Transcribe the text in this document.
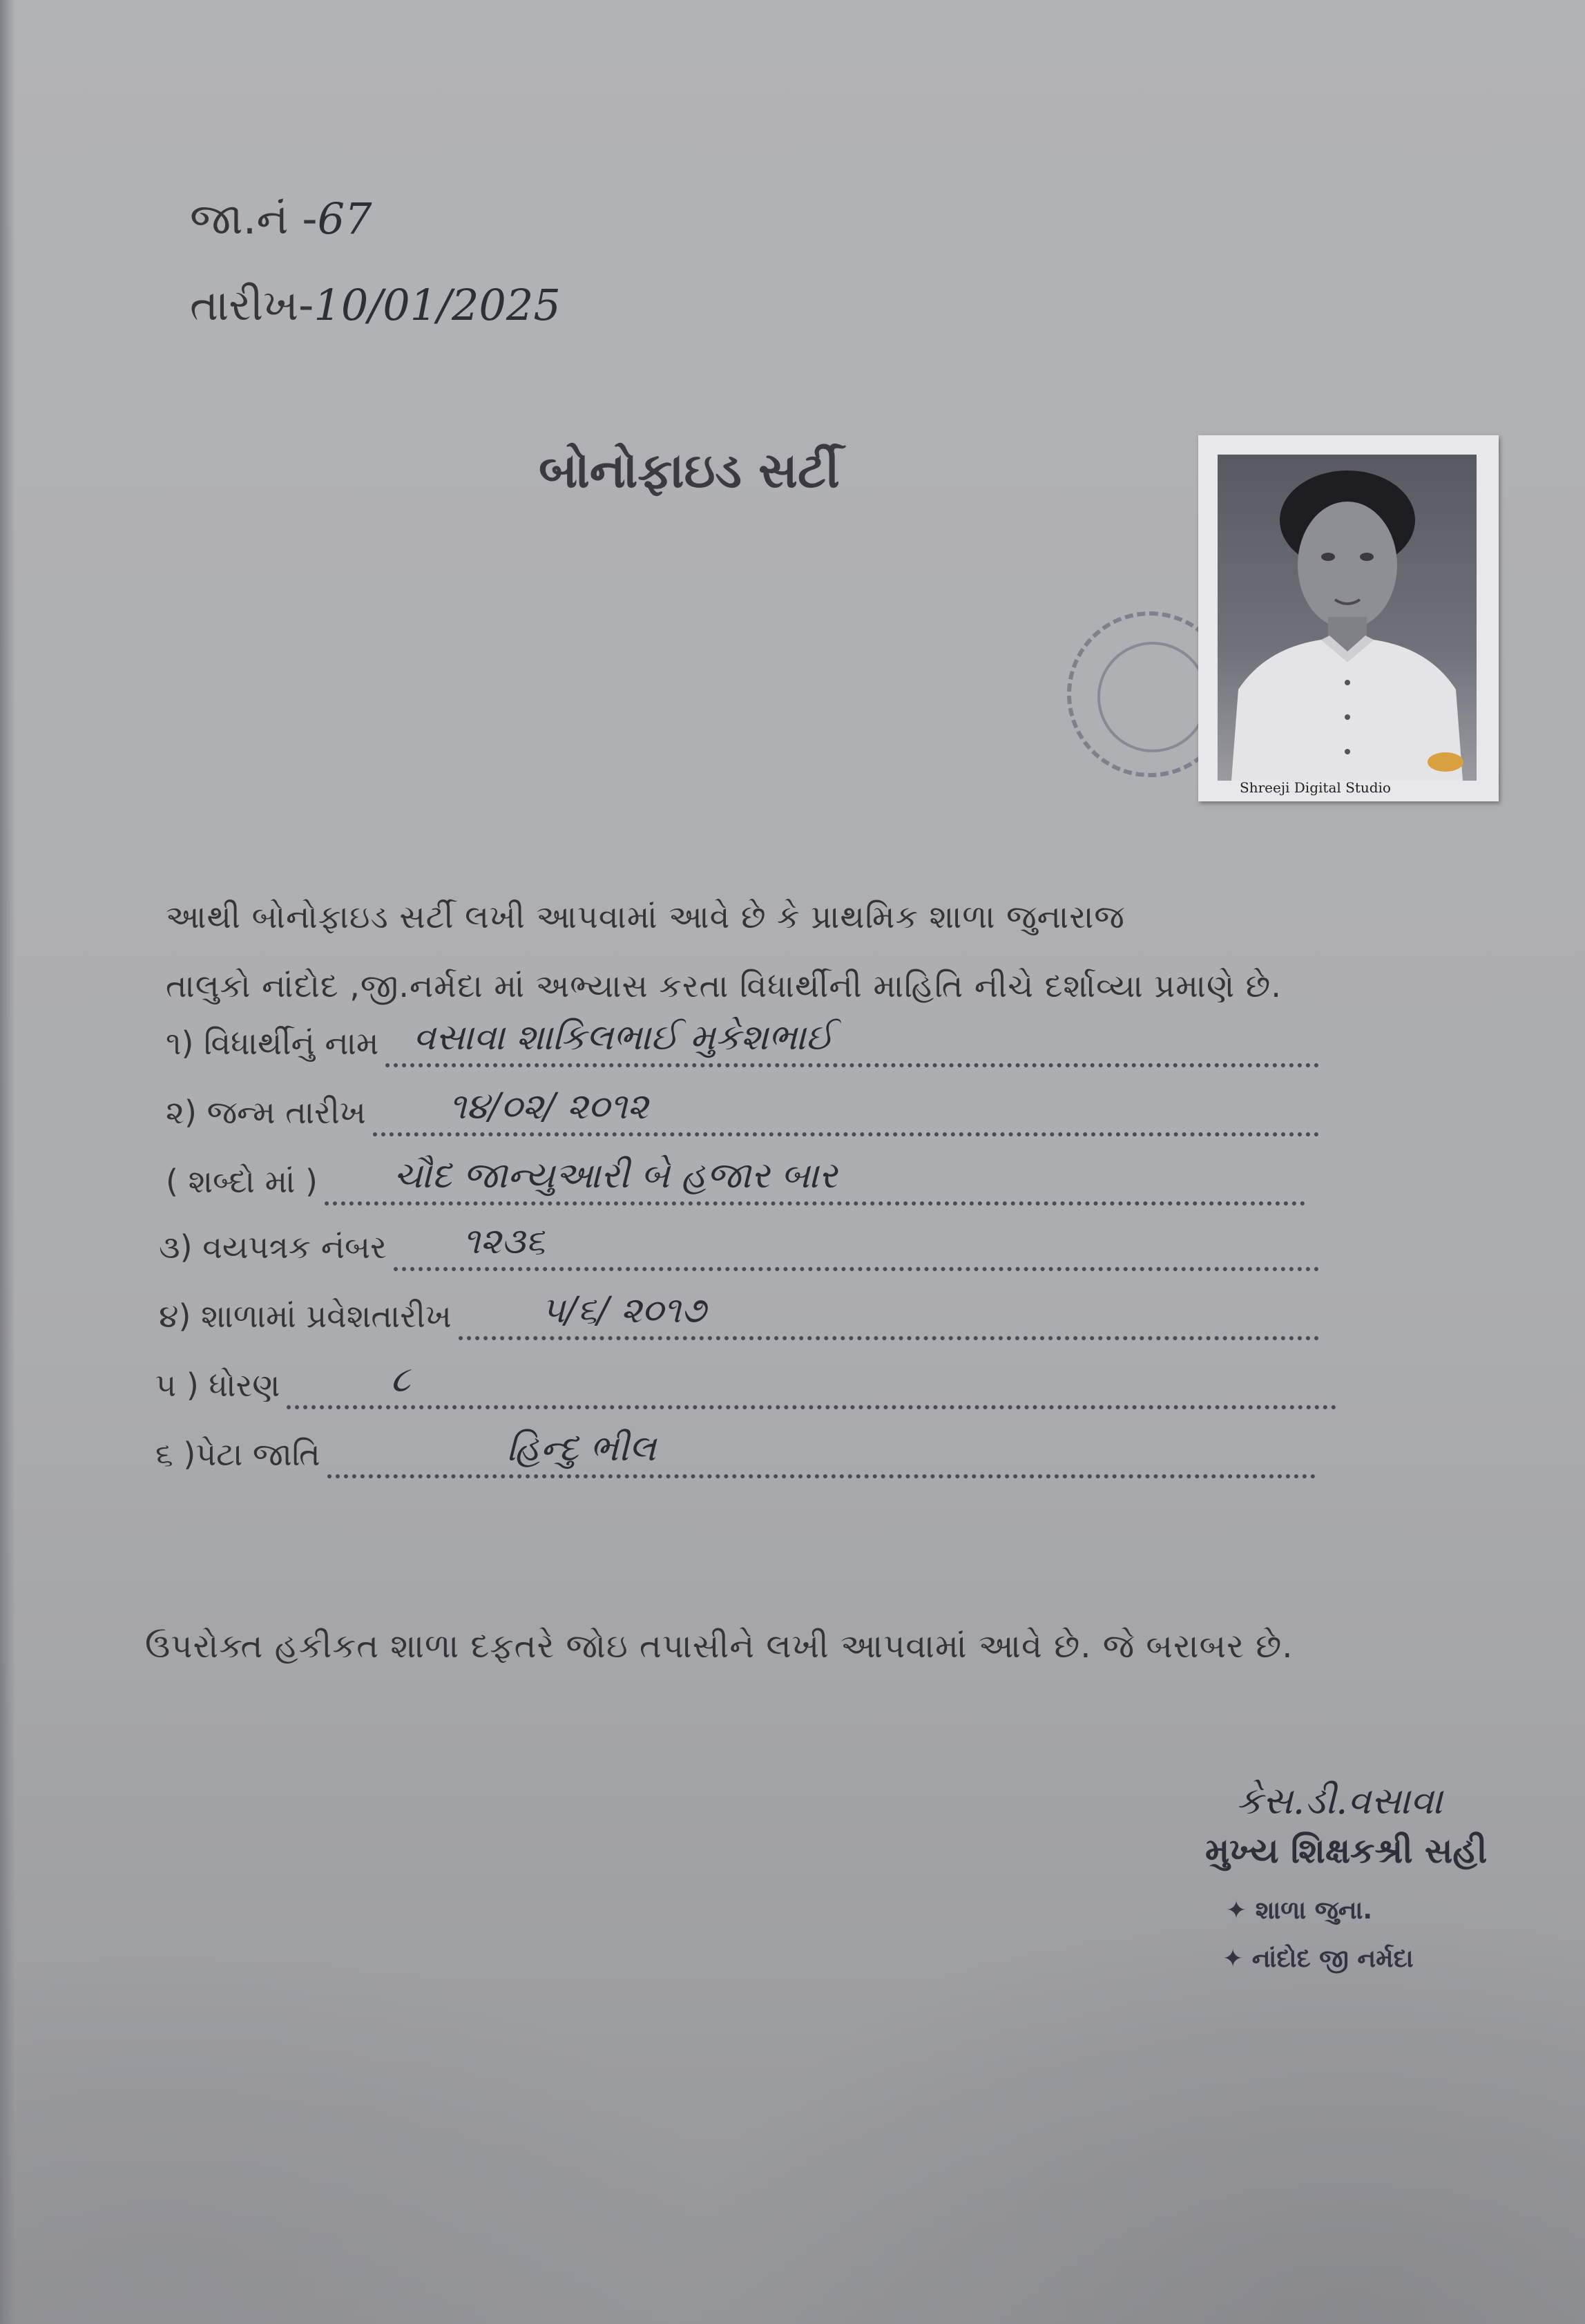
જા.નં -67
તારીખ-10/01/2025
બોનોફાઇડ સર્ટી
Shreeji Digital Studio
આથી બોનોફાઇડ સર્ટી લખી આપવામાં આવે છે કે પ્રાથમિક શાળા જુનારાજ
તાલુકો નાંદોદ ,જી.નર્મદા માં અભ્યાસ કરતા વિધાર્થીની માહિતિ નીચે દર્શાવ્યા પ્રમાણે છે.
૧) વિધાર્થીનું નામ વસાવા શાકિલભાઈ મુકેશભાઈ
૨) જન્મ તારીખ ૧૪/૦૨/ ૨૦૧૨
( શબ્દો માં ) ચૌદ જાન્યુઆરી બે હજાર બાર
૩) વયપત્રક નંબર ૧૨૩૬
૪) શાળામાં પ્રવેશતારીખ	૫/૬/ ૨૦૧૭
૫ ) ધોરણ	૮
૬ )પેટા જાતિ	હિન્દુ ભીલ
ઉપરોક્ત હકીકત શાળા દફતરે જોઇ તપાસીને લખી આપવામાં આવે છે. જે બરાબર છે.
કેસ.ડી.વસાવા
મુખ્ય શિક્ષકશ્રી સહી
✦ શાળા જુના.
✦ નાંદોદ જી નર્મદા
